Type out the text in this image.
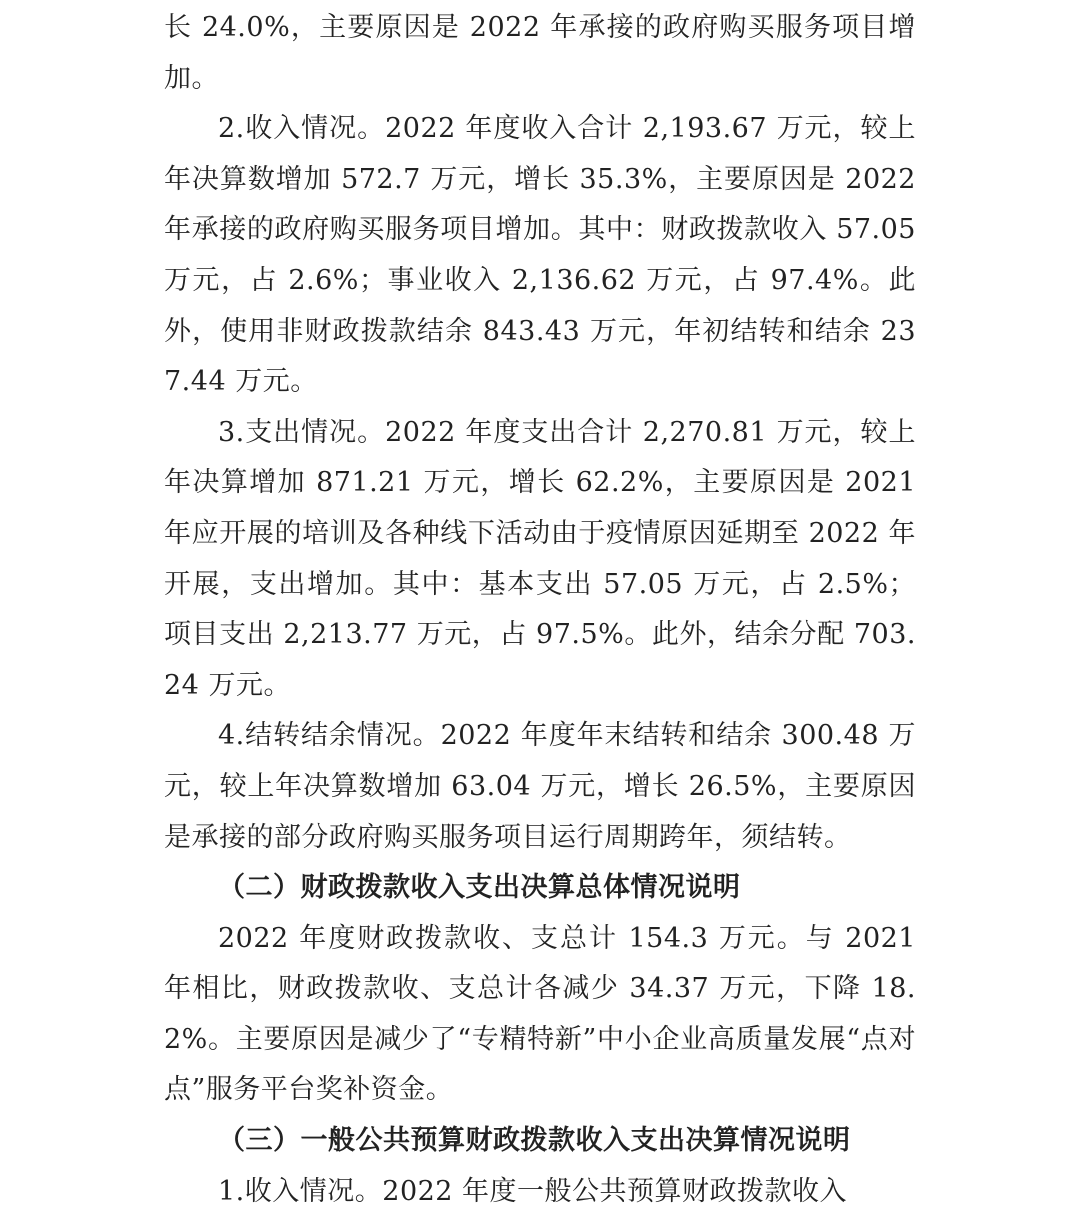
长 24.0%，主要原因是 2022 年承接的政府购买服务项目增加。

2.收入情况。2022 年度收入合计 2,193.67 万元，较上年决算数增加 572.7 万元，增长 35.3%，主要原因是 2022 年承接的政府购买服务项目增加。其中：财政拨款收入 57.05 万元，占 2.6%；事业收入 2,136.62 万元，占 97.4%。此外，使用非财政拨款结余 843.43 万元，年初结转和结余 237.44 万元。

3.支出情况。2022 年度支出合计 2,270.81 万元，较上年决算增加 871.21 万元，增长 62.2%，主要原因是 2021 年应开展的培训及各种线下活动由于疫情原因延期至 2022 年开展，支出增加。其中：基本支出 57.05 万元，占 2.5%；项目支出 2,213.77 万元，占 97.5%。此外，结余分配 703.24 万元。

4.结转结余情况。2022 年度年末结转和结余 300.48 万元，较上年决算数增加 63.04 万元，增长 26.5%，主要原因是承接的部分政府购买服务项目运行周期跨年，须结转。

（二）财政拨款收入支出决算总体情况说明

2022 年度财政拨款收、支总计 154.3 万元。与 2021 年相比，财政拨款收、支总计各减少 34.37 万元，下降 18.2%。主要原因是减少了“专精特新”中小企业高质量发展“点对点”服务平台奖补资金。

（三）一般公共预算财政拨款收入支出决算情况说明

1.收入情况。2022 年度一般公共预算财政拨款收入
